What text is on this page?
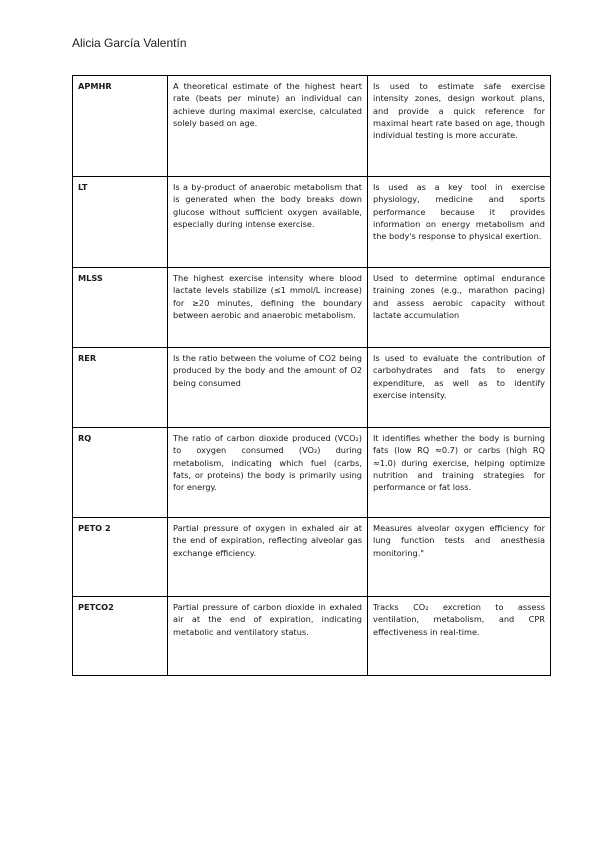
Alicia García Valentín
APMHR	A theoretical estimate of the highest heart rate (beats per minute) an individual can achieve during maximal exercise, calculated solely based on age.	Is used to estimate safe exercise intensity zones, design workout plans, and provide a quick reference for maximal heart rate based on age, though individual testing is more accurate.
LT	Is a by-product of anaerobic metabolism that is generated when the body breaks down glucose without sufficient oxygen available, especially during intense exercise.	Is used as a key tool in exercise physiology, medicine and sports performance because it provides information on energy metabolism and the body's response to physical exertion.
MLSS	The highest exercise intensity where blood lactate levels stabilize (≤1 mmol/L increase) for ≥20 minutes, defining the boundary between aerobic and anaerobic metabolism.	Used to determine optimal endurance training zones (e.g., marathon pacing) and assess aerobic capacity without lactate accumulation
RER	Is the ratio between the volume of CO2 being produced by the body and the amount of O2 being consumed	Is used to evaluate the contribution of carbohydrates and fats to energy expenditure, as well as to identify exercise intensity.
RQ	The ratio of carbon dioxide produced (VCO₂) to oxygen consumed (VO₂) during metabolism, indicating which fuel (carbs, fats, or proteins) the body is primarily using for energy.	It identifies whether the body is burning fats (low RQ ≈0.7) or carbs (high RQ ≈1.0) during exercise, helping optimize nutrition and training strategies for performance or fat loss.
PETO 2	Partial pressure of oxygen in exhaled air at the end of expiration, reflecting alveolar gas exchange efficiency.	Measures alveolar oxygen efficiency for lung function tests and anesthesia monitoring."
PETCO2	Partial pressure of carbon dioxide in exhaled air at the end of expiration, indicating metabolic and ventilatory status.	Tracks CO₂ excretion to assess ventilation, metabolism, and CPR effectiveness in real-time.
